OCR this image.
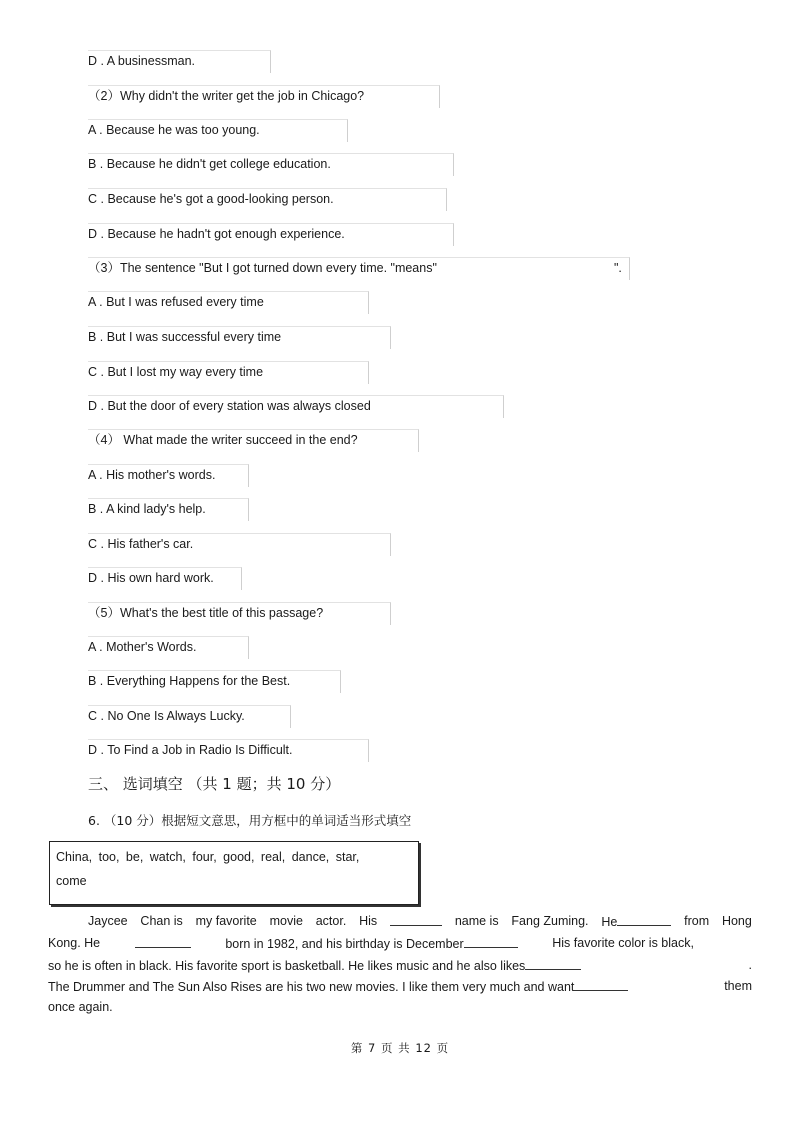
D . A businessman.
（2）Why didn't the writer get the job in Chicago?
A . Because he was too young.
B . Because he didn't get college education.
C . Because he's got a good-looking person.
D . Because he hadn't got enough experience.
（3）The sentence "But I got turned down every time. "means"	".
A . But I was refused every time
B . But I was successful every time
C . But I lost my way every time
D . But the door of every station was always closed
（4） What made the writer succeed in the end?
A . His mother's words.
B . A kind lady's help.
C . His father's car.
D . His own hard work.
（5）What's the best title of this passage?
A . Mother's Words.
B . Everything Happens for the Best.
C . No One Is Always Lucky.
D . To Find a Job in Radio Is Difficult.
三、 选词填空 （共 1 题；共 10 分）
6. （10 分）根据短文意思，用方框中的单词适当形式填空
China, too, be, watch, four, good, real, dance, star,
come
Jaycee Chan is my favorite movie actor. His	name is Fang Zuming. He	from Hong
Kong. He	born in 1982, and his birthday is December	His favorite color is black,
so he is often in black. His favorite sport is basketball. He likes music and he also likes	.
The Drummer and The Sun Also Rises are his two new movies. I like them very much and want	them
once again.
第 7 页 共 12 页
